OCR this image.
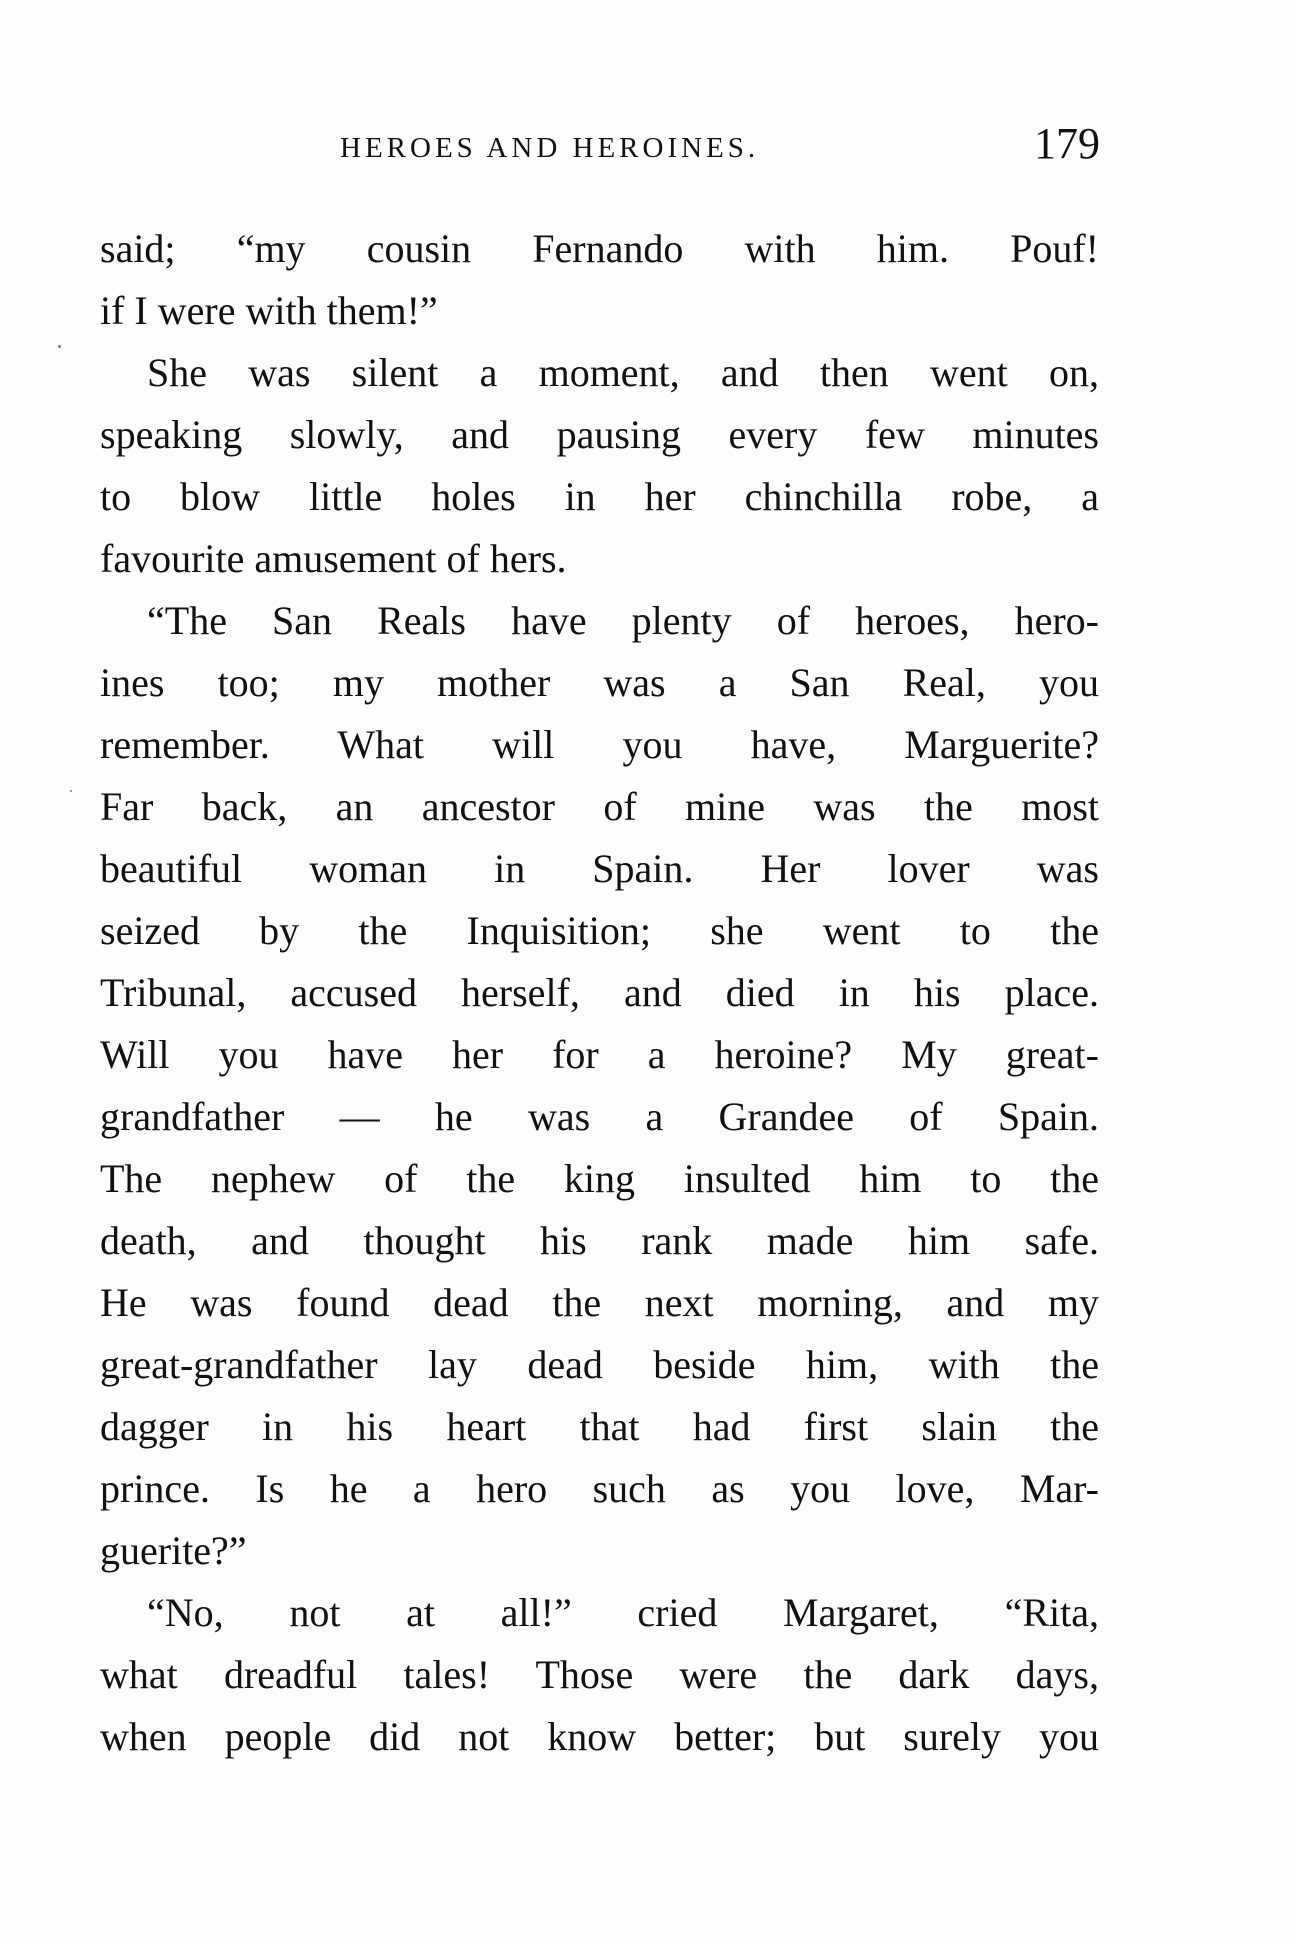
HEROES AND HEROINES.	179
said; “my cousin Fernando with him. Pouf!
if I were with them!”
She was silent a moment, and then went on,
speaking slowly, and pausing every few minutes
to blow little holes in her chinchilla robe, a
favourite amusement of hers.
“The San Reals have plenty of heroes, hero-
ines too; my mother was a San Real, you
remember. What will you have, Marguerite?
Far back, an ancestor of mine was the most
beautiful woman in Spain. Her lover was
seized by the Inquisition; she went to the
Tribunal, accused herself, and died in his place.
Will you have her for a heroine? My great-
grandfather — he was a Grandee of Spain.
The nephew of the king insulted him to the
death, and thought his rank made him safe.
He was found dead the next morning, and my
great-grandfather lay dead beside him, with the
dagger in his heart that had first slain the
prince. Is he a hero such as you love, Mar-
guerite?”
“No, not at all!” cried Margaret, “Rita,
what dreadful tales! Those were the dark days,
when people did not know better; but surely you
